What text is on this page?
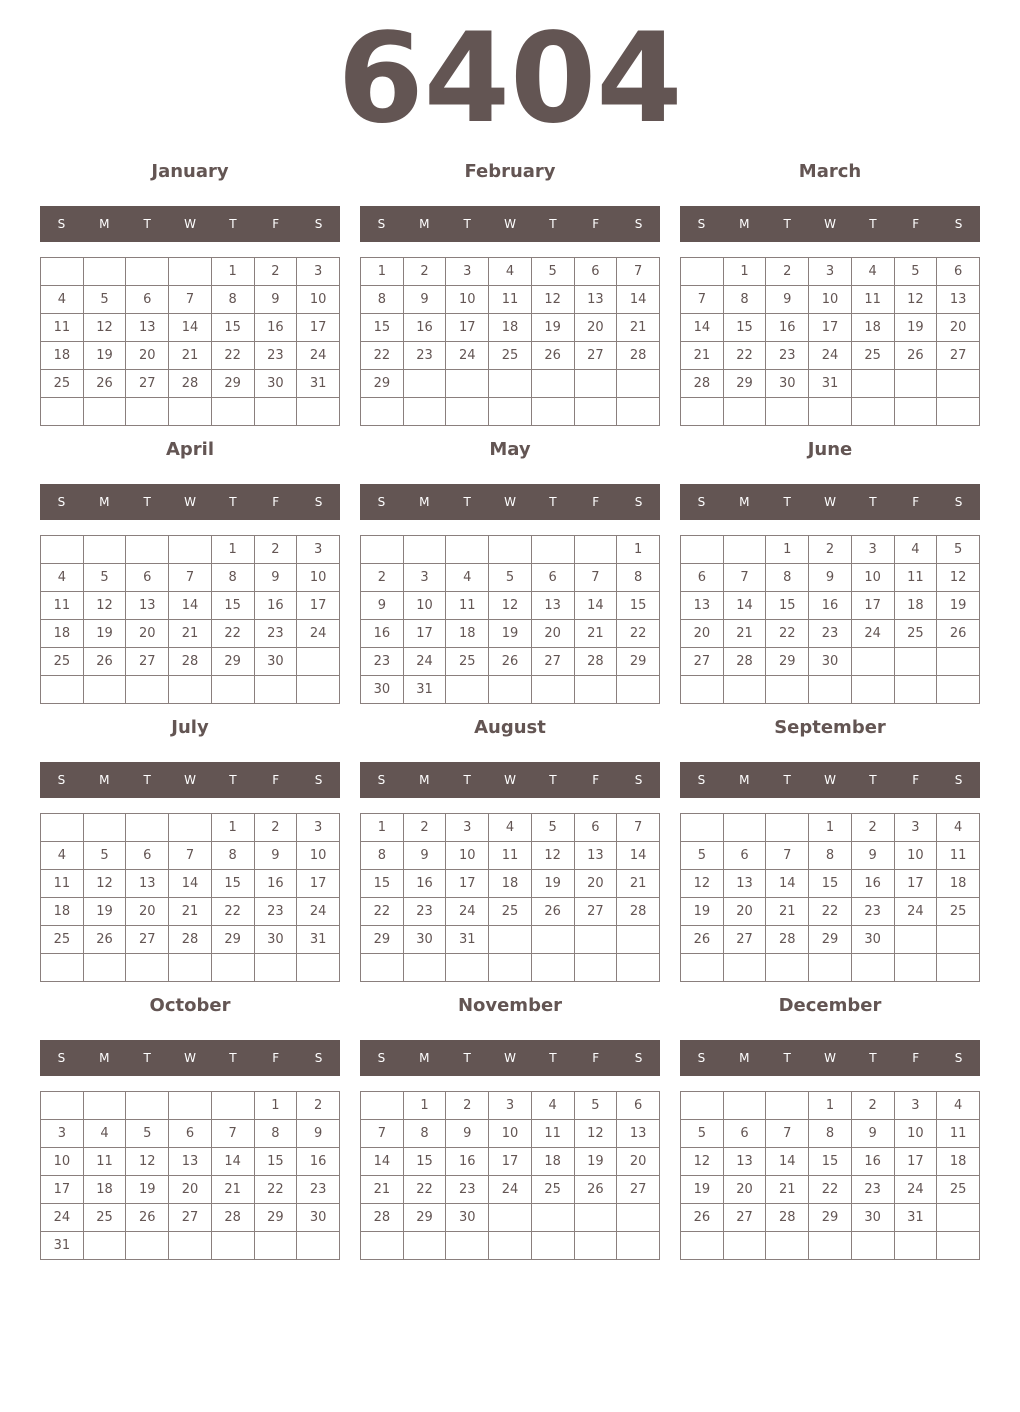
6404
January
S	M	T	W	T	F	S
				1	2	3
4	5	6	7	8	9	10
11	12	13	14	15	16	17
18	19	20	21	22	23	24
25	26	27	28	29	30	31

February
S	M	T	W	T	F	S
1	2	3	4	5	6	7
8	9	10	11	12	13	14
15	16	17	18	19	20	21
22	23	24	25	26	27	28
29						

March
S	M	T	W	T	F	S
	1	2	3	4	5	6
7	8	9	10	11	12	13
14	15	16	17	18	19	20
21	22	23	24	25	26	27
28	29	30	31			

April
S	M	T	W	T	F	S
				1	2	3
4	5	6	7	8	9	10
11	12	13	14	15	16	17
18	19	20	21	22	23	24
25	26	27	28	29	30	

May
S	M	T	W	T	F	S
						1
2	3	4	5	6	7	8
9	10	11	12	13	14	15
16	17	18	19	20	21	22
23	24	25	26	27	28	29
30	31					
June
S	M	T	W	T	F	S
		1	2	3	4	5
6	7	8	9	10	11	12
13	14	15	16	17	18	19
20	21	22	23	24	25	26
27	28	29	30			

July
S	M	T	W	T	F	S
				1	2	3
4	5	6	7	8	9	10
11	12	13	14	15	16	17
18	19	20	21	22	23	24
25	26	27	28	29	30	31

August
S	M	T	W	T	F	S
1	2	3	4	5	6	7
8	9	10	11	12	13	14
15	16	17	18	19	20	21
22	23	24	25	26	27	28
29	30	31				

September
S	M	T	W	T	F	S
			1	2	3	4
5	6	7	8	9	10	11
12	13	14	15	16	17	18
19	20	21	22	23	24	25
26	27	28	29	30		

October
S	M	T	W	T	F	S
					1	2
3	4	5	6	7	8	9
10	11	12	13	14	15	16
17	18	19	20	21	22	23
24	25	26	27	28	29	30
31						
November
S	M	T	W	T	F	S
	1	2	3	4	5	6
7	8	9	10	11	12	13
14	15	16	17	18	19	20
21	22	23	24	25	26	27
28	29	30				

December
S	M	T	W	T	F	S
			1	2	3	4
5	6	7	8	9	10	11
12	13	14	15	16	17	18
19	20	21	22	23	24	25
26	27	28	29	30	31	
